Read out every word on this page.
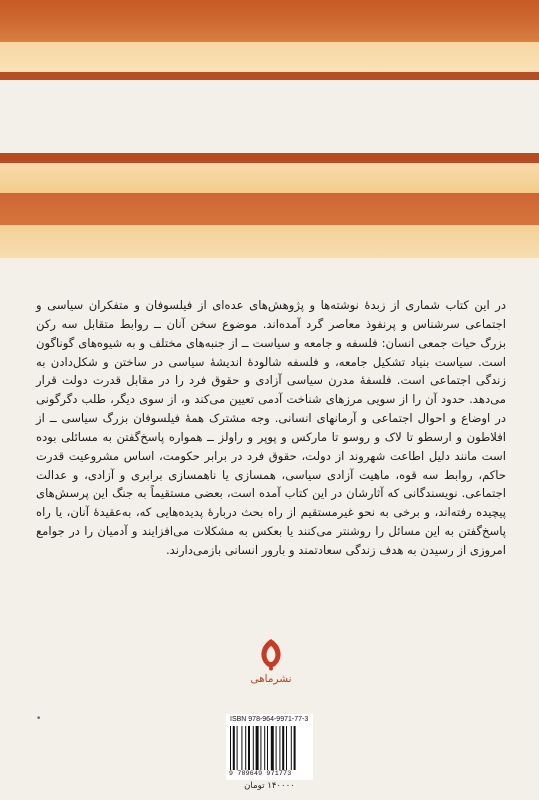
در این کتاب شماری از زبدهٔ نوشته‌ها و پژوهش‌های عده‌ای از فیلسوفان و متفکران سیاسی و اجتماعی سرشناس و پرنفوذ معاصر گرد آمده‌اند. موضوع سخن آنان ــ روابط متقابل سه رکن بزرگ حیات جمعی انسان: فلسفه و جامعه و سیاست ــ از جنبه‌های مختلف و به شیوه‌های گوناگون است. سیاست بنیاد تشکیل جامعه، و فلسفه شالودهٔ اندیشهٔ سیاسی در ساختن و شکل‌دادن به زندگی اجتماعی است. فلسفهٔ مدرن سیاسی آزادی و حقوق فرد را در مقابل قدرت دولت قرار می‌دهد. حدود آن را از سویی مرزهای شناخت آدمی تعیین می‌کند و، از سوی دیگر، طلب دگرگونی در اوضاع و احوال اجتماعی و آرمانهای انسانی. وجه مشترک همهٔ فیلسوفان بزرگ سیاسی ــ از افلاطون و ارسطو تا لاک و روسو تا مارکس و پوپر و راولز ــ همواره پاسخ‌گفتن به مسائلی بوده است مانند دلیل اطاعت شهروند از دولت، حقوق فرد در برابر حکومت، اساس مشروعیت قدرت حاکم، روابط سه قوه، ماهیت آزادی سیاسی، همسازی یا ناهمسازی برابری و آزادی، و عدالت اجتماعی. نویسندگانی که آثارشان در این کتاب آمده است، بعضی مستقیماً به جنگ این پرسش‌های پیچیده رفته‌اند، و برخی به نحو غیرمستقیم از راه بحث دربارهٔ پدیده‌هایی که، به‌عقیدهٔ آنان، یا راه پاسخ‌گفتن به این مسائل را روشنتر می‌کنند یا بعکس به مشکلات می‌افزایند و آدمیان را در جوامع امروزی از رسیدن به هدف زندگی سعادتمند و بارور انسانی بازمی‌دارند.

نشرماهی
•	ISBN 978-964-9971-77-3
9 789649 971773
۱۴۰۰۰۰ تومان
